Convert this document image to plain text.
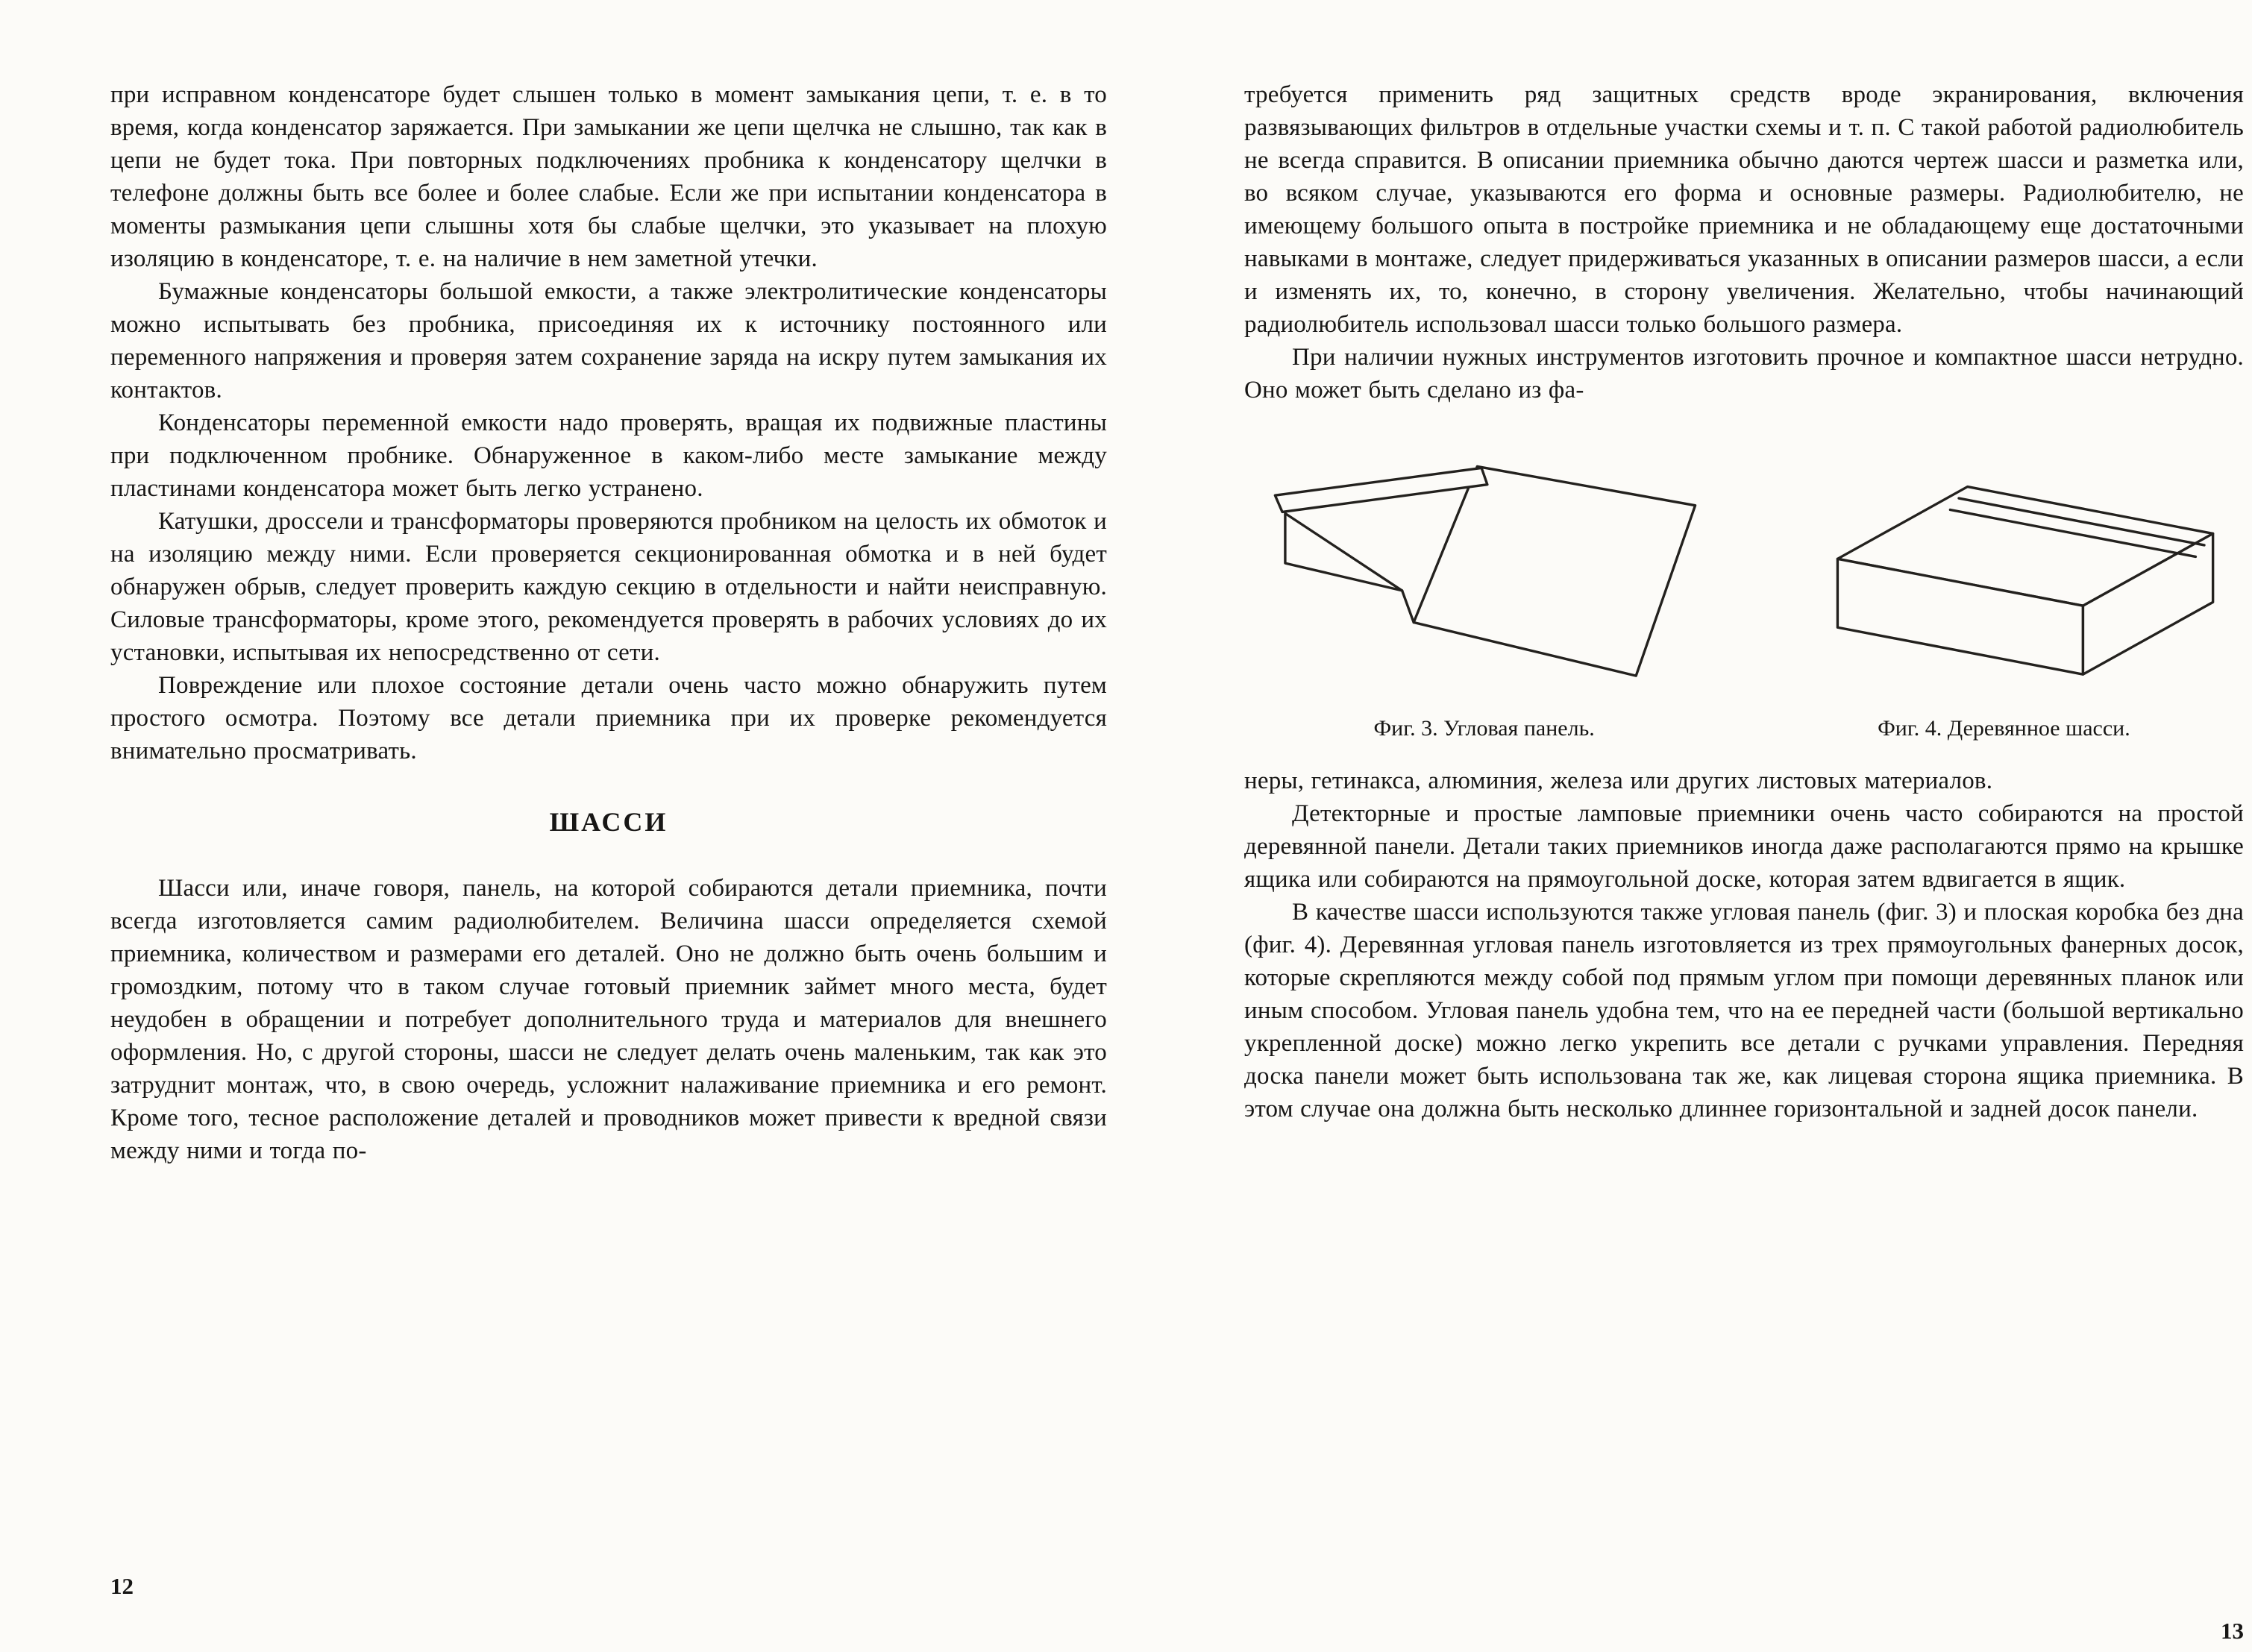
при исправном конденсаторе будет слышен только в момент замыкания цепи, т. е. в то время, когда конденсатор заряжается. При замыкании же цепи щелчка не слышно, так как в цепи не будет тока. При повторных подключениях пробника к конденсатору щелчки в телефоне должны быть все более и более слабые. Если же при испытании конденсатора в моменты размыкания цепи слышны хотя бы слабые щелчки, это указывает на плохую изоляцию в конденсаторе, т. е. на наличие в нем заметной утечки.

Бумажные конденсаторы большой емкости, а также электролитические конденсаторы можно испытывать без пробника, присоединяя их к источнику постоянного или переменного напряжения и проверяя затем сохранение заряда на искру путем замыкания их контактов.

Конденсаторы переменной емкости надо проверять, вращая их подвижные пластины при подключенном пробнике. Обнаруженное в каком-либо месте замыкание между пластинами конденсатора может быть легко устранено.

Катушки, дроссели и трансформаторы проверяются пробником на целость их обмоток и на изоляцию между ними. Если проверяется секционированная обмотка и в ней будет обнаружен обрыв, следует проверить каждую секцию в отдельности и найти неисправную. Силовые трансформаторы, кроме этого, рекомендуется проверять в рабочих условиях до их установки, испытывая их непосредственно от сети.

Повреждение или плохое состояние детали очень часто можно обнаружить путем простого осмотра. Поэтому все детали приемника при их проверке рекомендуется внимательно просматривать.

ШАССИ

Шасси или, иначе говоря, панель, на которой собираются детали приемника, почти всегда изготовляется самим радиолюбителем. Величина шасси определяется схемой приемника, количеством и размерами его деталей. Оно не должно быть очень большим и громоздким, потому что в таком случае готовый приемник займет много места, будет неудобен в обращении и потребует дополнительного труда и материалов для внешнего оформления. Но, с другой стороны, шасси не следует делать очень маленьким, так как это затруднит монтаж, что, в свою очередь, усложнит налаживание приемника и его ремонт. Кроме того, тесное расположение деталей и проводников может привести к вредной связи между ними и тогда по-

12

требуется применить ряд защитных средств вроде экранирования, включения развязывающих фильтров в отдельные участки схемы и т. п. С такой работой радиолюбитель не всегда справится. В описании приемника обычно даются чертеж шасси и разметка или, во всяком случае, указываются его форма и основные размеры. Радиолюбителю, не имеющему большого опыта в постройке приемника и не обладающему еще достаточными навыками в монтаже, следует придерживаться указанных в описании размеров шасси, а если и изменять их, то, конечно, в сторону увеличения. Желательно, чтобы начинающий радиолюбитель использовал шасси только большого размера.

При наличии нужных инструментов изготовить прочное и компактное шасси нетрудно. Оно может быть сделано из фа-

Фиг. 3. Угловая панель.	Фиг. 4. Деревянное шасси.

неры, гетинакса, алюминия, железа или других листовых материалов.

Детекторные и простые ламповые приемники очень часто собираются на простой деревянной панели. Детали таких приемников иногда даже располагаются прямо на крышке ящика или собираются на прямоугольной доске, которая затем вдвигается в ящик.

В качестве шасси используются также угловая панель (фиг. 3) и плоская коробка без дна (фиг. 4). Деревянная угловая панель изготовляется из трех прямоугольных фанерных досок, которые скрепляются между собой под прямым углом при помощи деревянных планок или иным способом. Угловая панель удобна тем, что на ее передней части (большой вертикально укрепленной доске) можно легко укрепить все детали с ручками управления. Передняя доска панели может быть использована так же, как лицевая сторона ящика приемника. В этом случае она должна быть несколько длиннее горизонтальной и задней досок панели.

13
